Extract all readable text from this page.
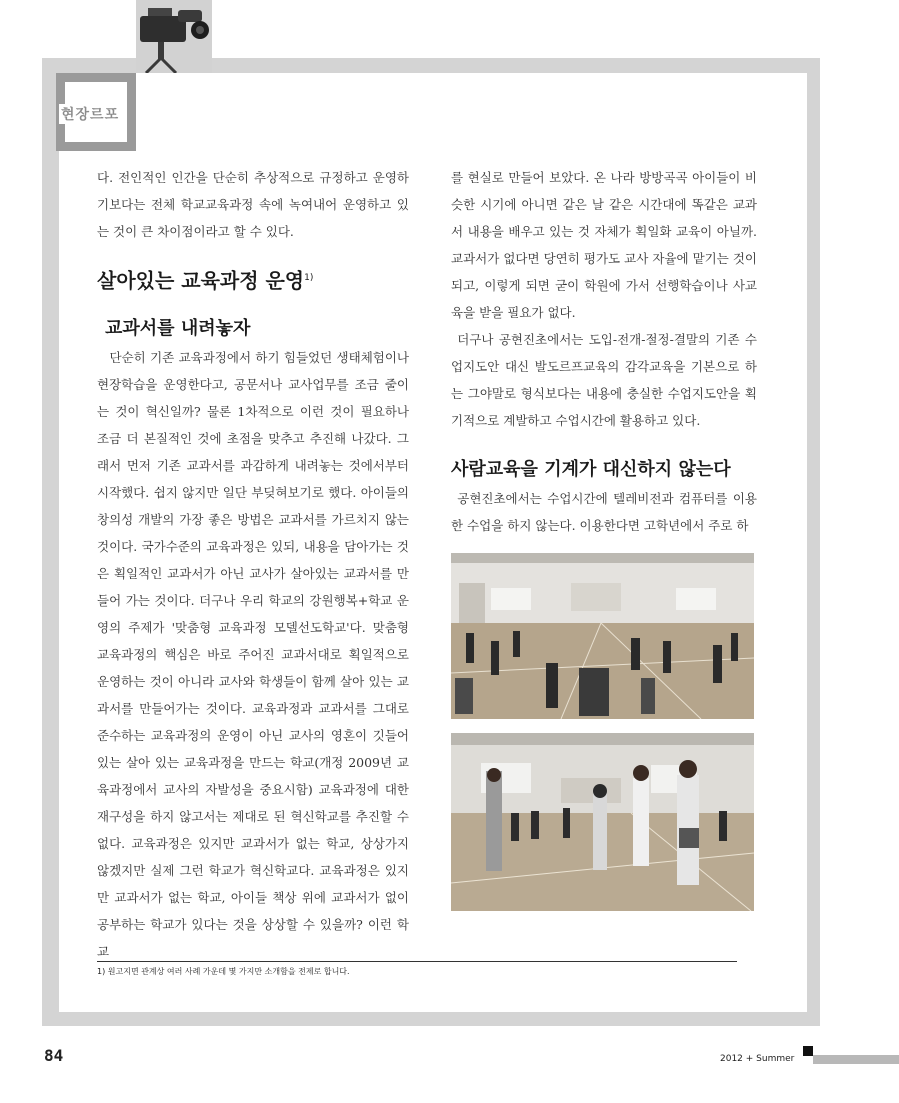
현장르포

다. 전인적인 인간을 단순히 추상적으로 규정하고 운영하기보다는 전체 학교교육과정 속에 녹여내어 운영하고 있는 것이 큰 차이점이라고 할 수 있다.

살아있는 교육과정 운영$^{1)}$
교과서를 내려놓자

단순히 기존 교육과정에서 하기 힘들었던 생태체험이나 현장학습을 운영한다고, 공문서나 교사업무를 조금 줄이는 것이 혁신일까? 물론 1차적으로 이런 것이 필요하나 조금 더 본질적인 것에 초점을 맞추고 추진해 나갔다. 그래서 먼저 기존 교과서를 과감하게 내려놓는 것에서부터 시작했다. 쉽지 않지만 일단 부딪혀보기로 했다. 아이들의 창의성 개발의 가장 좋은 방법은 교과서를 가르치지 않는 것이다. 국가수준의 교육과정은 있되, 내용을 담아가는 것은 획일적인 교과서가 아닌 교사가 살아있는 교과서를 만들어 가는 것이다. 더구나 우리 학교의 강원행복+학교 운영의 주제가 '맞춤형 교육과정 모델선도학교'다. 맞춤형 교육과정의 핵심은 바로 주어진 교과서대로 획일적으로 운영하는 것이 아니라 교사와 학생들이 함께 살아 있는 교과서를 만들어가는 것이다. 교육과정과 교과서를 그대로 준수하는 교육과정의 운영이 아닌 교사의 영혼이 깃들어 있는 살아 있는 교육과정을 만드는 학교(개정 2009년 교육과정에서 교사의 자발성을 중요시함) 교육과정에 대한 재구성을 하지 않고서는 제대로 된 혁신학교를 추진할 수 없다. 교육과정은 있지만 교과서가 없는 학교, 상상가지 않겠지만 실제 그런 학교가 혁신학교다. 교육과정은 있지만 교과서가 없는 학교, 아이들 책상 위에 교과서가 없이 공부하는 학교가 있다는 것을 상상할 수 있을까? 이런 학교

를 현실로 만들어 보았다. 온 나라 방방곡곡 아이들이 비슷한 시기에 아니면 같은 날 같은 시간대에 똑같은 교과서 내용을 배우고 있는 것 자체가 획일화 교육이 아닐까. 교과서가 없다면 당연히 평가도 교사 자율에 맡기는 것이 되고, 이렇게 되면 굳이 학원에 가서 선행학습이나 사교육을 받을 필요가 없다.

더구나 공현진초에서는 도입-전개-절정-결말의 기존 수업지도안 대신 발도르프교육의 감각교육을 기본으로 하는 그야말로 형식보다는 내용에 충실한 수업지도안을 획기적으로 계발하고 수업시간에 활용하고 있다.

사람교육을 기계가 대신하지 않는다

공현진초에서는 수업시간에 텔레비전과 컴퓨터를 이용한 수업을 하지 않는다. 이용한다면 고학년에서 주로 하

1) 원고지면 관계상 여러 사례 가운데 몇 가지만 소개함을 전제로 합니다.
84	2012 + Summer
